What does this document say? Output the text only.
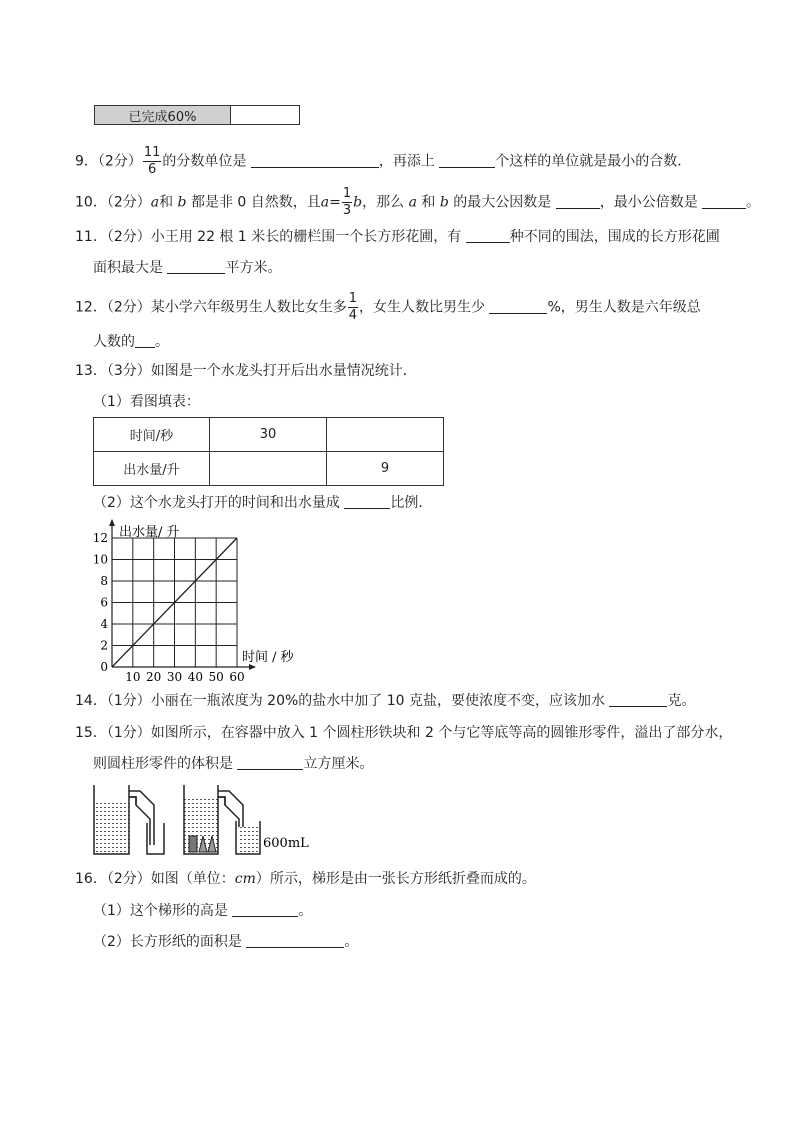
已完成60%
9．（2分） $\frac{11}{6}$ 的分数单位是	，再添上	个这样的单位就是最小的合数．
10．（2分）a和 b 都是非 0 自然数，且$a= \frac{1}{3}$ b，那么 a 和 b 的最大公因数是	，最小公倍数是	。
11．（2分）小王用 22 根 1 米长的栅栏围一个长方形花圃，有	种不同的围法，围成的长方形花圃
面积最大是	平方米。
12．（2分）某小学六年级男生人数比女生多 $\frac{1}{4}$ ，女生人数比男生少	%，男生人数是六年级总
人数的 。
13．（3分）如图是一个水龙头打开后出水量情况统计．
（1）看图填表：
时间/秒	30	
出水量/升		9
（2）这个水龙头打开的时间和出水量成	比例．
0
2
4
6
8
10
12
10 20 30 40 50 60
出水量/ 升
时间 / 秒
14．（1分）小丽在一瓶浓度为 20%的盐水中加了 10 克盐，要使浓度不变，应该加水	克。
15．（1分）如图所示，在容器中放入 1 个圆柱形铁块和 2 个与它等底等高的圆锥形零件，溢出了部分水，
则圆柱形零件的体积是	立方厘米。
600mL
16．（2分）如图（单位：cm）所示，梯形是由一张长方形纸折叠而成的。
（1）这个梯形的高是	。
（2）长方形纸的面积是	。
